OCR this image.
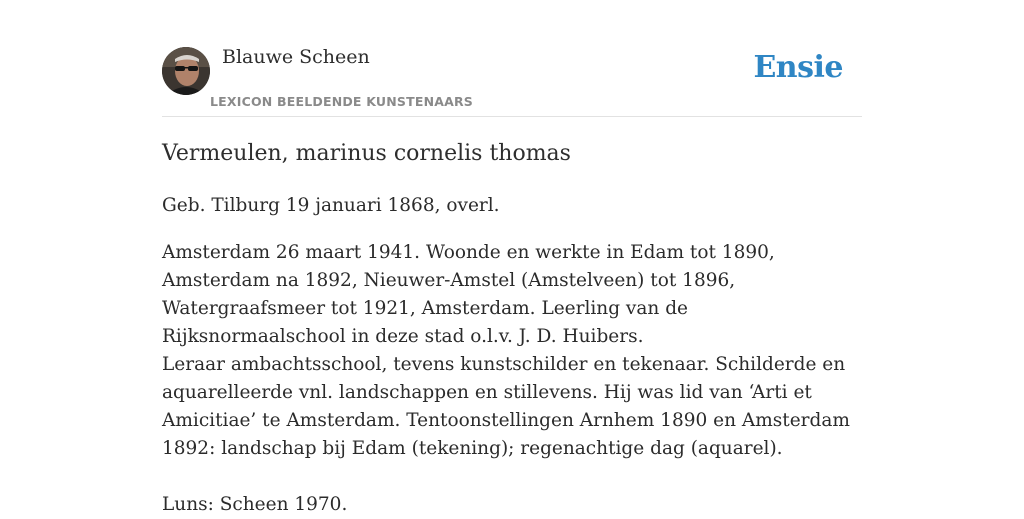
Blauwe Scheen
LEXICON BEELDENDE KUNSTENAARS
Ensie
Vermeulen, marinus cornelis thomas

Geb. Tilburg 19 januari 1868, overl.

Amsterdam 26 maart 1941. Woonde en werkte in Edam tot 1890, Amsterdam na 1892, Nieuwer-Amstel (Amstelveen) tot 1896, Watergraafsmeer tot 1921, Amsterdam. Leerling van de Rijksnormaalschool in deze stad o.l.v. J. D. Huibers.

Leraar ambachtsschool, tevens kunstschilder en tekenaar. Schilderde en aquarelleerde vnl. landschappen en stillevens. Hij was lid van ‘Arti et Amicitiae’ te Amsterdam. Tentoonstellingen Arnhem 1890 en Amsterdam 1892: landschap bij Edam (tekening); regenachtige dag (aquarel).

Luns: Scheen 1970.
